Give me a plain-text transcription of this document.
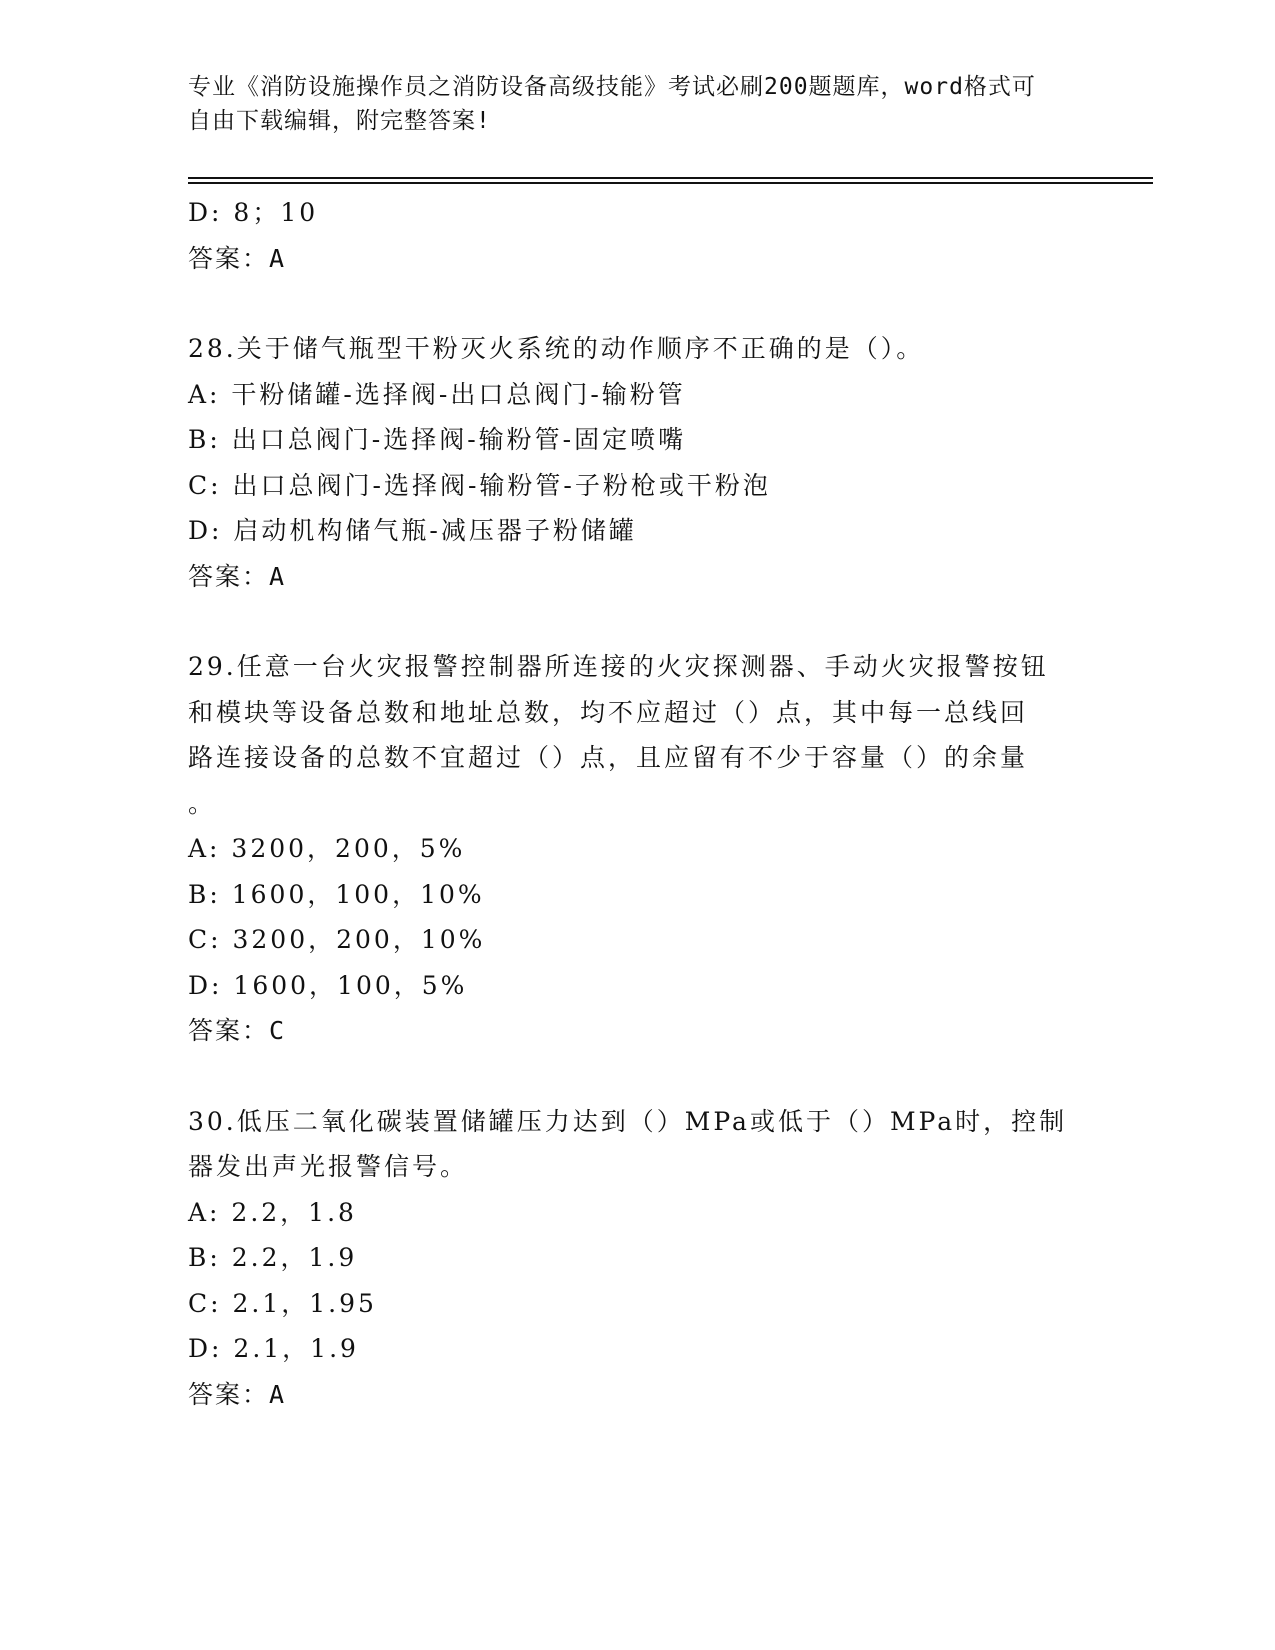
专业《消防设施操作员之消防设备高级技能》考试必刷200题题库，word格式可
自由下载编辑，附完整答案!
D: 8；10
答案：A
28.关于储气瓶型干粉灭火系统的动作顺序不正确的是（）。
A: 干粉储罐-选择阀-出口总阀门-输粉管
B: 出口总阀门-选择阀-输粉管-固定喷嘴
C: 出口总阀门-选择阀-输粉管-子粉枪或干粉泡
D: 启动机构储气瓶-减压器子粉储罐
答案：A
29.任意一台火灾报警控制器所连接的火灾探测器、手动火灾报警按钮
和模块等设备总数和地址总数，均不应超过（）点，其中每一总线回
路连接设备的总数不宜超过（）点，且应留有不少于容量（）的余量
。
A: 3200，200，5%
B: 1600，100，10%
C: 3200，200，10%
D: 1600，100，5%
答案：C
30.低压二氧化碳装置储罐压力达到（）MPa或低于（）MPa时，控制
器发出声光报警信号。
A: 2.2，1.8
B: 2.2，1.9
C: 2.1，1.95
D: 2.1，1.9
答案：A
